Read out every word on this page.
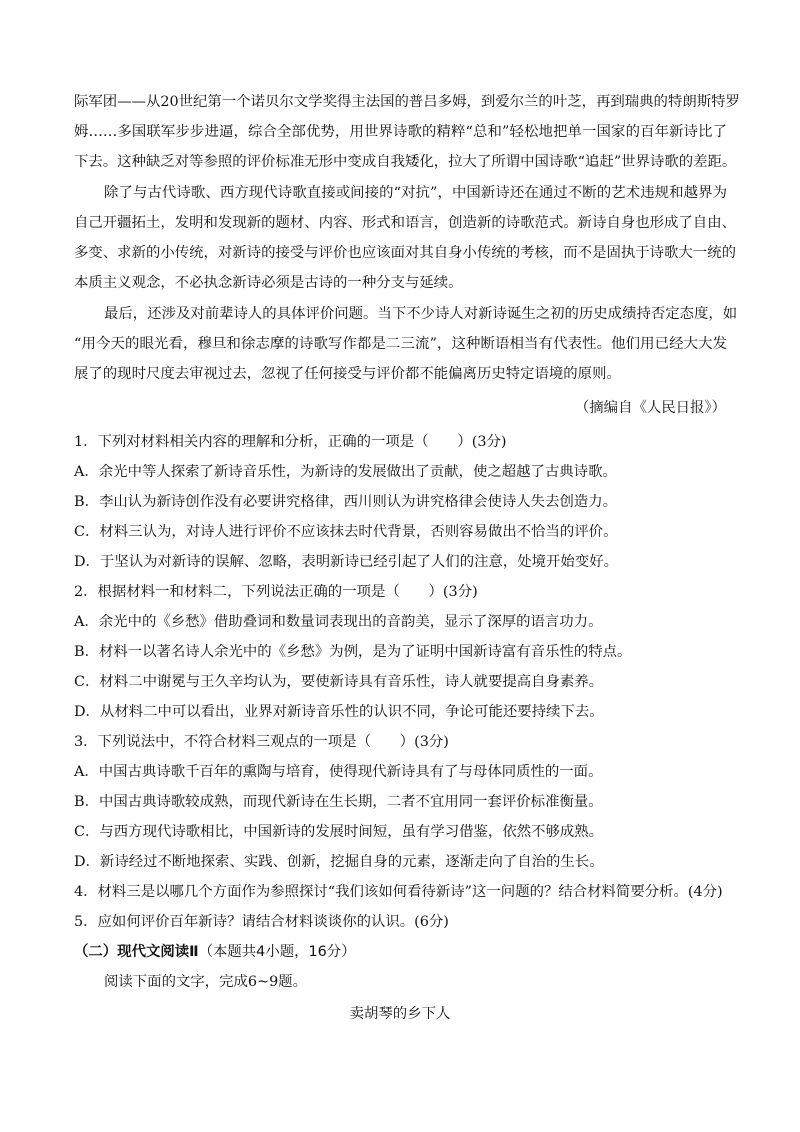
际军团——从20世纪第一个诺贝尔文学奖得主法国的普吕多姆，到爱尔兰的叶芝，再到瑞典的特朗斯特罗

姆……多国联军步步进逼，综合全部优势，用世界诗歌的精粹“总和”轻松地把单一国家的百年新诗比了

下去。这种缺乏对等参照的评价标准无形中变成自我矮化，拉大了所谓中国诗歌“追赶”世界诗歌的差距。

除了与古代诗歌、西方现代诗歌直接或间接的“对抗”，中国新诗还在通过不断的艺术违规和越界为

自己开疆拓土，发明和发现新的题材、内容、形式和语言，创造新的诗歌范式。新诗自身也形成了自由、

多变、求新的小传统，对新诗的接受与评价也应该面对其自身小传统的考核，而不是固执于诗歌大一统的

本质主义观念，不必执念新诗必须是古诗的一种分支与延续。

最后，还涉及对前辈诗人的具体评价问题。当下不少诗人对新诗诞生之初的历史成绩持否定态度，如

“用今天的眼光看，穆旦和徐志摩的诗歌写作都是二三流”，这种断语相当有代表性。他们用已经大大发

展了的现时尺度去审视过去，忽视了任何接受与评价都不能偏离历史特定语境的原则。

（摘编自《人民日报》）

1．下列对材料相关内容的理解和分析，正确的一项是（　　）(3分)

A．余光中等人探索了新诗音乐性，为新诗的发展做出了贡献，使之超越了古典诗歌。

B．李山认为新诗创作没有必要讲究格律，西川则认为讲究格律会使诗人失去创造力。

C．材料三认为，对诗人进行评价不应该抹去时代背景，否则容易做出不恰当的评价。

D．于坚认为对新诗的误解、忽略，表明新诗已经引起了人们的注意，处境开始变好。

2．根据材料一和材料二，下列说法正确的一项是（　　）(3分)

A．余光中的《乡愁》借助叠词和数量词表现出的音韵美，显示了深厚的语言功力。

B．材料一以著名诗人余光中的《乡愁》为例，是为了证明中国新诗富有音乐性的特点。

C．材料二中谢冕与王久辛均认为，要使新诗具有音乐性，诗人就要提高自身素养。

D．从材料二中可以看出，业界对新诗音乐性的认识不同，争论可能还要持续下去。

3．下列说法中，不符合材料三观点的一项是（　　）(3分)

A．中国古典诗歌千百年的熏陶与培育，使得现代新诗具有了与母体同质性的一面。

B．中国古典诗歌较成熟，而现代新诗在生长期，二者不宜用同一套评价标准衡量。

C．与西方现代诗歌相比，中国新诗的发展时间短，虽有学习借鉴，依然不够成熟。

D．新诗经过不断地探索、实践、创新，挖掘自身的元素，逐渐走向了自治的生长。

4．材料三是以哪几个方面作为参照探讨“我们该如何看待新诗”这一问题的？结合材料简要分析。(4分)

5．应如何评价百年新诗？请结合材料谈谈你的认识。(6分)

（二）现代文阅读Ⅱ（本题共4小题，16分）

阅读下面的文字，完成6~9题。

卖胡琴的乡下人
